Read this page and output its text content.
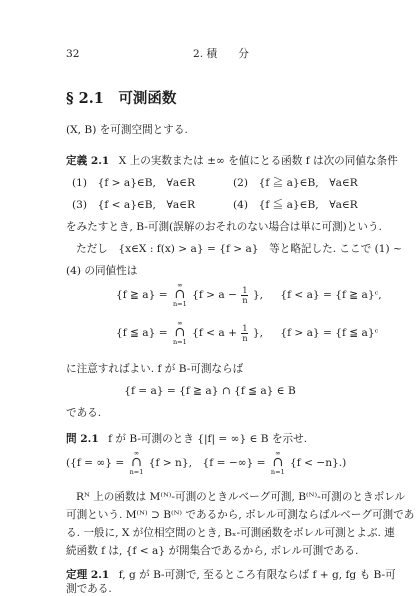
32	2. 積　　分
§ 2.1　可測函数
(X, B) を可測空間とする.
定義 2.1 X 上の実数または ±∞ を値にとる函数 f は次の同値な条件
(1)　{f > a}∈B,　∀a∈R	(2)　{f ≧ a}∈B,　∀a∈R
(3)　{f < a}∈B,　∀a∈R	(4)　{f ≦ a}∈B,　∀a∈R
をみたすとき, B-可測(誤解のおそれのない場合は単に可測)という.
ただし　{x∈X : f(x) > a} = {f > a}　等と略記した. ここで (1) ~
(4) の同値性は
{f ≧ a} = ∞
∩
n=1 {$f > a - \frac{1}{n}$ }, {f < a} = {f ≧ a}ᶜ,
{f ≦ a} = ∞
∩
n=1 {$f < a + \frac{1}{n}$ }, {f > a} = {f ≦ a}ᶜ
に注意すればよい. f が B-可測ならば
{f = a} = {f ≧ a} ∩ {f ≦ a} ∈ B
である.
問 2.1 f が B-可測のとき {|f| = ∞} ∈ B を示せ.
({f = ∞} = ∞
∩
n=1 {f > n},　{f = −∞} = ∞
∩
n=1 {f < −n}.)
Rᴺ 上の函数は M⁽ᴺ⁾-可測のときルベーグ可測, B⁽ᴺ⁾-可測のときボレル
可測という. M⁽ᴺ⁾ ⊃ B⁽ᴺ⁾ であるから, ボレル可測ならばルベーグ可測であ
る. 一般に, X が位相空間のとき, Bₓ-可測函数をボレル可測とよぶ. 連
続函数 f は, {f < a} が開集合であるから, ボレル可測である.
定理 2.1 f, g が B-可測で, 至るところ有限ならば f + g, fg も B-可
測である.
